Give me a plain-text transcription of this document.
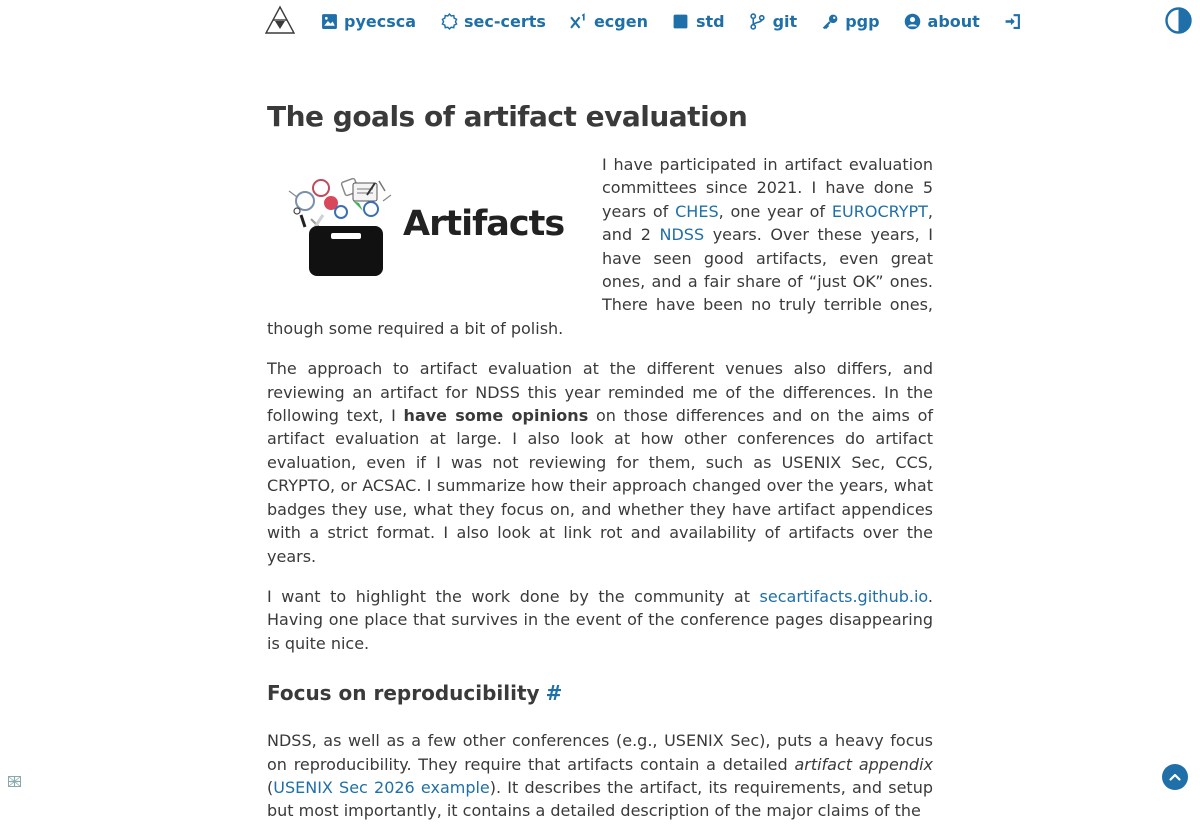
pyecsca	sec-certs	ecgen	std	git	pgp	about
The goals of artifact evaluation
Artifacts

I have participated in artifact evaluation committees since 2021. I have done 5 years of CHES, one year of EUROCRYPT, and 2 NDSS years. Over these years, I have seen good artifacts, even great ones, and a fair share of “just OK” ones. There have been no truly terrible ones, though some required a bit of polish.

The approach to artifact evaluation at the different venues also differs, and reviewing an artifact for NDSS this year reminded me of the differences. In the following text, I have some opinions on those differences and on the aims of artifact evaluation at large. I also look at how other conferences do artifact evaluation, even if I was not reviewing for them, such as USENIX Sec, CCS, CRYPTO, or ACSAC. I summarize how their approach changed over the years, what badges they use, what they focus on, and whether they have artifact appendices with a strict format. I also look at link rot and availability of artifacts over the years.

I want to highlight the work done by the community at secartifacts.github.io. Having one place that survives in the event of the conference pages disappearing is quite nice.

Focus on reproducibility #

NDSS, as well as a few other conferences (e.g., USENIX Sec), puts a heavy focus on reproducibility. They require that artifacts contain a detailed artifact appendix (USENIX Sec 2026 example). It describes the artifact, its requirements, and setup but most importantly, it contains a detailed description of the major claims of the
